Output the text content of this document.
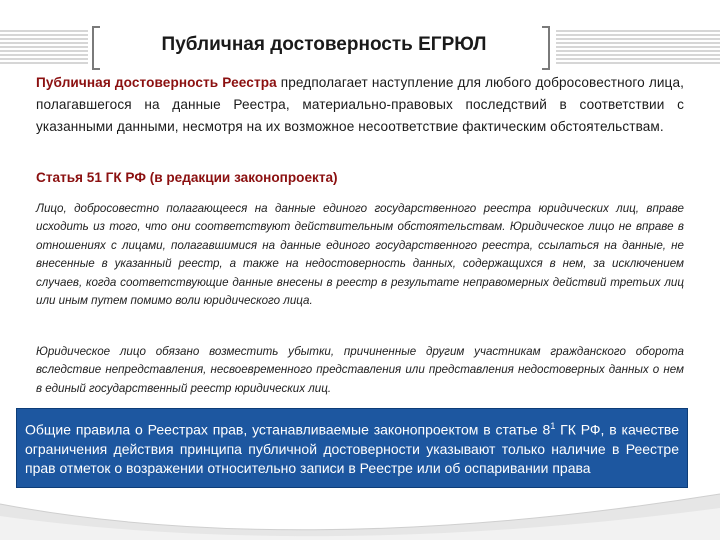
Публичная достоверность ЕГРЮЛ
Публичная достоверность Реестра предполагает наступление для любого добросовестного лица, полагавшегося на данные Реестра, материально-правовых последствий в соответствии с указанными данными, несмотря на их возможное несоответствие фактическим обстоятельствам.
Статья 51 ГК РФ (в редакции законопроекта)
Лицо, добросовестно полагающееся на данные единого государственного реестра юридических лиц, вправе исходить из того, что они соответствуют действительным обстоятельствам. Юридическое лицо не вправе в отношениях с лицами, полагавшимися на данные единого государственного реестра, ссылаться на данные, не внесенные в указанный реестр, а также на недостоверность данных, содержащихся в нем, за исключением случаев, когда соответствующие данные внесены в реестр в результате неправомерных действий третьих лиц или иным путем помимо воли юридического лица.
Юридическое лицо обязано возместить убытки, причиненные другим участникам гражданского оборота вследствие непредставления, несвоевременного представления или представления недостоверных данных о нем в единый государственный реестр юридических лиц.
Общие правила о Реестрах прав, устанавливаемые законопроектом в статье $8^1$ ГК РФ, в качестве ограничения действия принципа публичной достоверности указывают только наличие в Реестре прав отметок о возражении относительно записи в Реестре или об оспаривании права
